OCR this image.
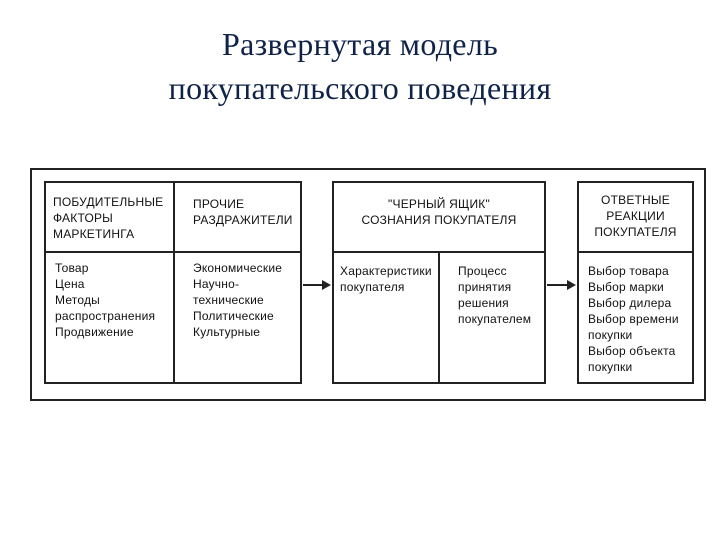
Развернутая модель
покупательского поведения
ПОБУДИТЕЛЬНЫЕ
ФАКТОРЫ
МАРКЕТИНГА
Товар
Цена
Методы
распространения
Продвижение
ПРОЧИЕ
РАЗДРАЖИТЕЛИ
Экономические
Научно-
технические
Политические
Культурные
"ЧЕРНЫЙ ЯЩИК"
СОЗНАНИЯ ПОКУПАТЕЛЯ
Характеристики
покупателя
Процесс
принятия
решения
покупателем
ОТВЕТНЫЕ
РЕАКЦИИ
ПОКУПАТЕЛЯ
Выбор товара
Выбор марки
Выбор дилера
Выбор времени
покупки
Выбор объекта
покупки
